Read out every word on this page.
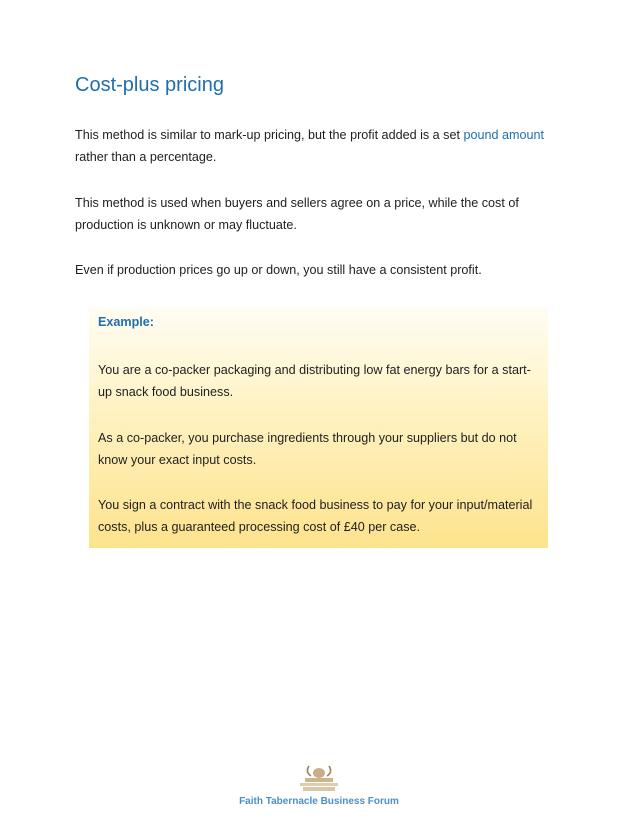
Cost-plus pricing

This method is similar to mark-up pricing, but the profit added is a set pound amount rather than a percentage.

This method is used when buyers and sellers agree on a price, while the cost of production is unknown or may fluctuate.

Even if production prices go up or down, you still have a consistent profit.

Example:

You are a co-packer packaging and distributing low fat energy bars for a start-up snack food business.

As a co-packer, you purchase ingredients through your suppliers but do not know your exact input costs.

You sign a contract with the snack food business to pay for your input/material costs, plus a guaranteed processing cost of £40 per case.

Faith Tabernacle Business Forum
